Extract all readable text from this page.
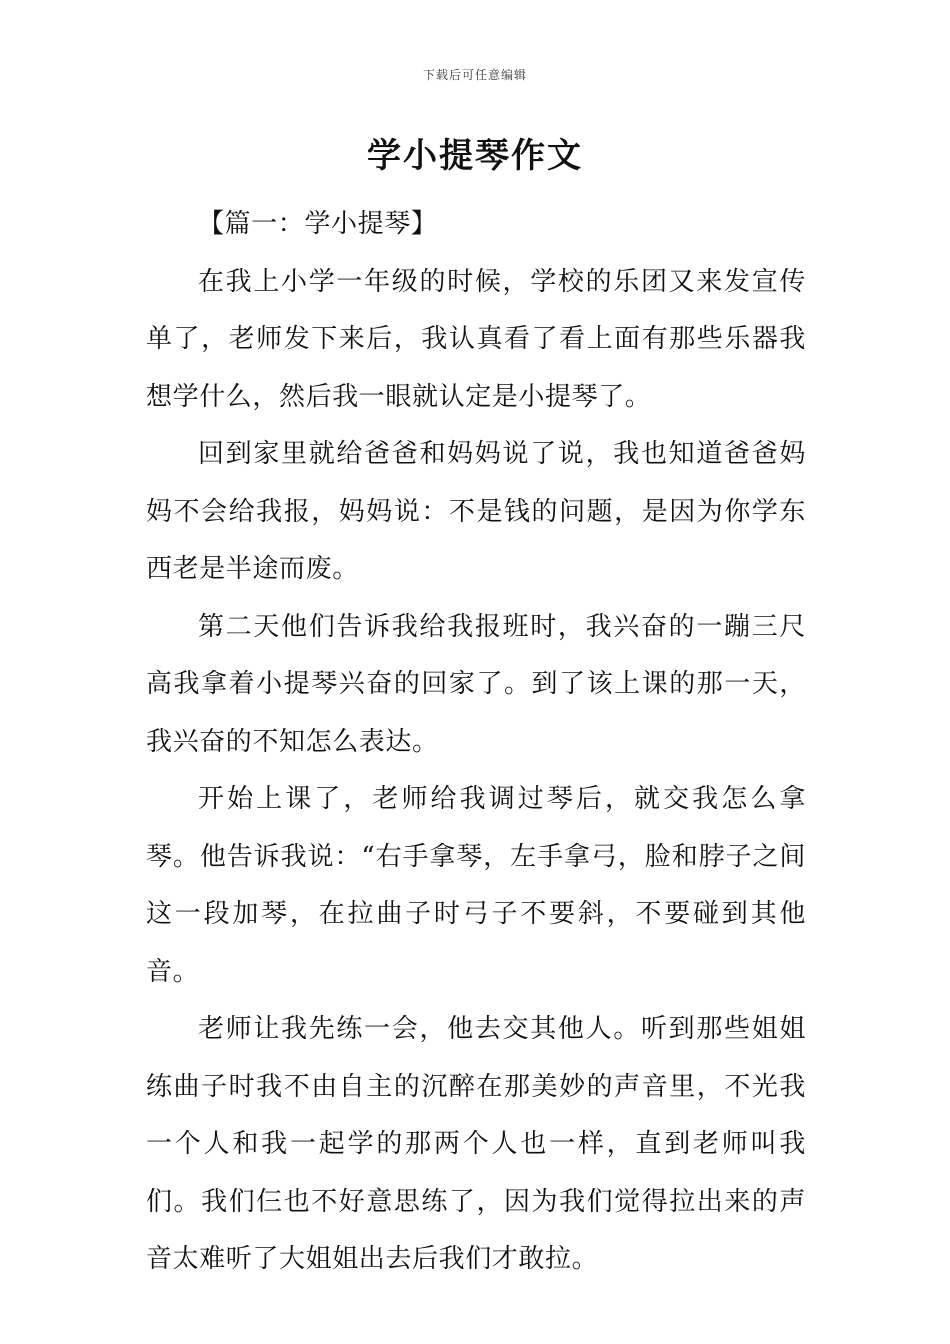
下载后可任意编辑
学小提琴作文

【篇一：学小提琴】

在我上小学一年级的时候，学校的乐团又来发宣传单了，老师发下来后，我认真看了看上面有那些乐器我想学什么，然后我一眼就认定是小提琴了。

回到家里就给爸爸和妈妈说了说，我也知道爸爸妈妈不会给我报，妈妈说：不是钱的问题，是因为你学东西老是半途而废。

第二天他们告诉我给我报班时，我兴奋的一蹦三尺高我拿着小提琴兴奋的回家了。到了该上课的那一天，我兴奋的不知怎么表达。

开始上课了，老师给我调过琴后，就交我怎么拿琴。他告诉我说：“右手拿琴，左手拿弓，脸和脖子之间这一段加琴，在拉曲子时弓子不要斜，不要碰到其他音。

老师让我先练一会，他去交其他人。听到那些姐姐练曲子时我不由自主的沉醉在那美妙的声音里，不光我一个人和我一起学的那两个人也一样，直到老师叫我们。我们仨也不好意思练了，因为我们觉得拉出来的声音太难听了大姐姐出去后我们才敢拉。
